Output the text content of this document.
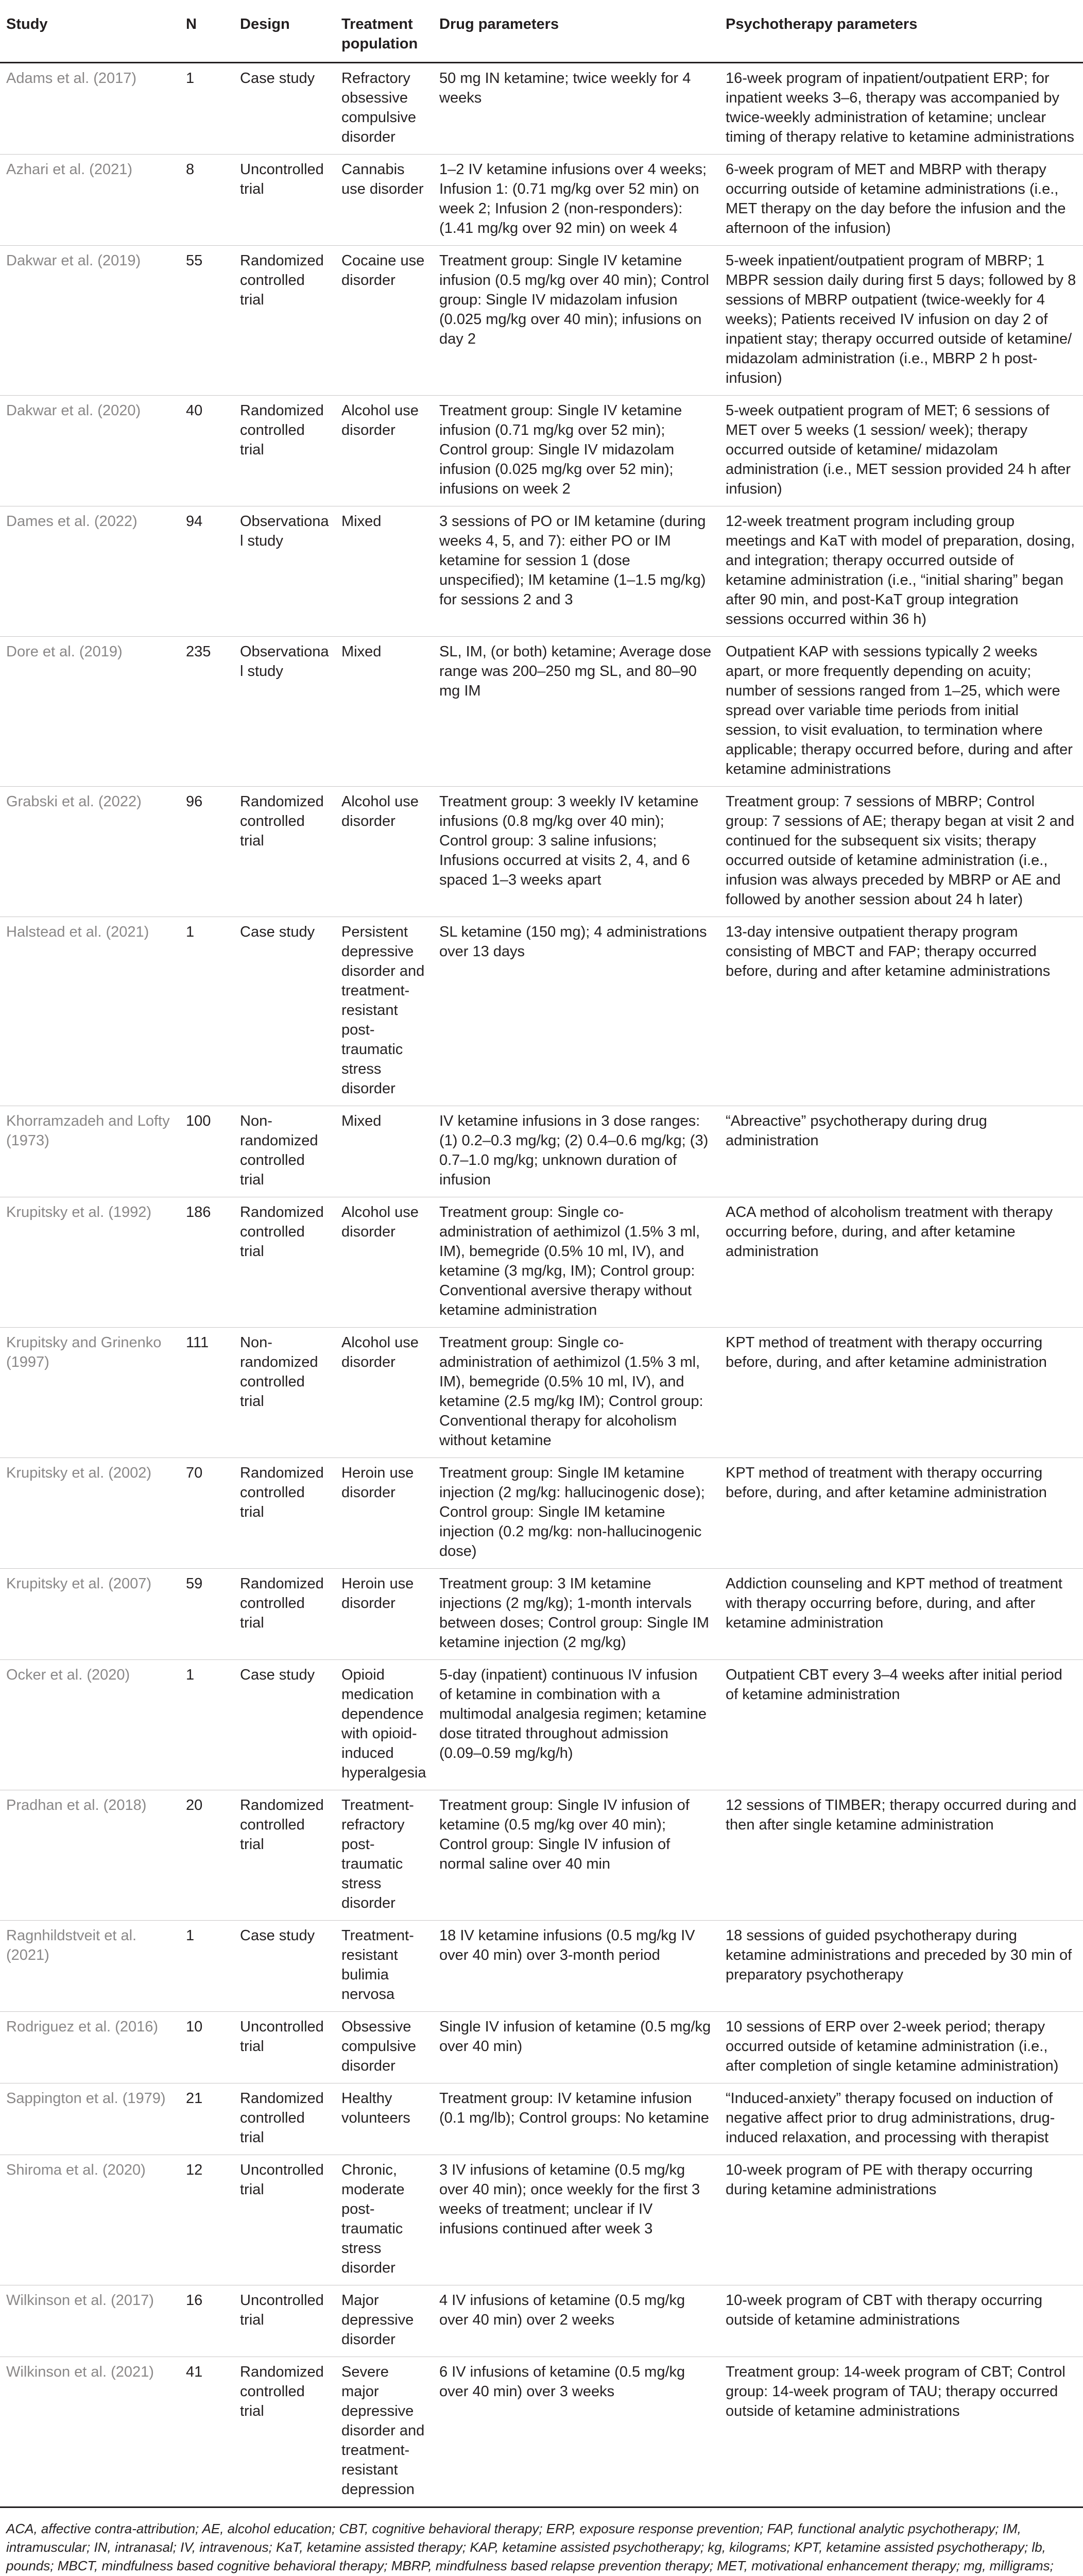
Study	N	Design	Treatment population	Drug parameters	Psychotherapy parameters
Adams et al. (2017)	1	Case study	Refractory obsessive compulsive disorder	50 mg IN ketamine; twice weekly for 4 weeks	16-week program of inpatient/outpatient ERP; for inpatient weeks 3–6, therapy was accompanied by twice-weekly administration of ketamine; unclear timing of therapy relative to ketamine administrations
Azhari et al. (2021)	8	Uncontrolled trial	Cannabis use disorder	1–2 IV ketamine infusions over 4 weeks; Infusion 1: (0.71 mg/kg over 52 min) on week 2; Infusion 2 (non-responders): (1.41 mg/kg over 92 min) on week 4	6-week program of MET and MBRP with therapy occurring outside of ketamine administrations (i.e., MET therapy on the day before the infusion and the afternoon of the infusion)
Dakwar et al. (2019)	55	Randomized controlled trial	Cocaine use disorder	Treatment group: Single IV ketamine infusion (0.5 mg/kg over 40 min); Control group: Single IV midazolam infusion (0.025 mg/kg over 40 min); infusions on day 2	5-week inpatient/outpatient program of MBRP; 1 MBPR session daily during first 5 days; followed by 8 sessions of MBRP outpatient (twice-weekly for 4 weeks); Patients received IV infusion on day 2 of inpatient stay; therapy occurred outside of ketamine/ midazolam administration (i.e., MBRP 2 h post-infusion)
Dakwar et al. (2020)	40	Randomized controlled trial	Alcohol use disorder	Treatment group: Single IV ketamine infusion (0.71 mg/kg over 52 min); Control group: Single IV midazolam infusion (0.025 mg/kg over 52 min); infusions on week 2	5-week outpatient program of MET; 6 sessions of MET over 5 weeks (1 session/ week); therapy occurred outside of ketamine/ midazolam administration (i.e., MET session provided 24 h after infusion)
Dames et al. (2022)	94	Observational study	Mixed	3 sessions of PO or IM ketamine (during weeks 4, 5, and 7): either PO or IM ketamine for session 1 (dose unspecified); IM ketamine (1–1.5 mg/kg) for sessions 2 and 3	12-week treatment program including group meetings and KaT with model of preparation, dosing, and integration; therapy occurred outside of ketamine administration (i.e., “initial sharing” began after 90 min, and post-KaT group integration sessions occurred within 36 h)
Dore et al. (2019)	235	Observational study	Mixed	SL, IM, (or both) ketamine; Average dose range was 200–250 mg SL, and 80–90 mg IM	Outpatient KAP with sessions typically 2 weeks apart, or more frequently depending on acuity; number of sessions ranged from 1–25, which were spread over variable time periods from initial session, to visit evaluation, to termination where applicable; therapy occurred before, during and after ketamine administrations
Grabski et al. (2022)	96	Randomized controlled trial	Alcohol use disorder	Treatment group: 3 weekly IV ketamine infusions (0.8 mg/kg over 40 min); Control group: 3 saline infusions; Infusions occurred at visits 2, 4, and 6 spaced 1–3 weeks apart	Treatment group: 7 sessions of MBRP; Control group: 7 sessions of AE; therapy began at visit 2 and continued for the subsequent six visits; therapy occurred outside of ketamine administration (i.e., infusion was always preceded by MBRP or AE and followed by another session about 24 h later)
Halstead et al. (2021)	1	Case study	Persistent depressive disorder and treatment-resistant post-traumatic stress disorder	SL ketamine (150 mg); 4 administrations over 13 days	13-day intensive outpatient therapy program consisting of MBCT and FAP; therapy occurred before, during and after ketamine administrations
Khorramzadeh and Lofty (1973)	100	Non-randomized controlled trial	Mixed	IV ketamine infusions in 3 dose ranges: (1) 0.2–0.3 mg/kg; (2) 0.4–0.6 mg/kg; (3) 0.7–1.0 mg/kg; unknown duration of infusion	“Abreactive” psychotherapy during drug administration
Krupitsky et al. (1992)	186	Randomized controlled trial	Alcohol use disorder	Treatment group: Single co-administration of aethimizol (1.5% 3 ml, IM), bemegride (0.5% 10 ml, IV), and ketamine (3 mg/kg, IM); Control group: Conventional aversive therapy without ketamine administration	ACA method of alcoholism treatment with therapy occurring before, during, and after ketamine administration
Krupitsky and Grinenko (1997)	111	Non-randomized controlled trial	Alcohol use disorder	Treatment group: Single co-administration of aethimizol (1.5% 3 ml, IM), bemegride (0.5% 10 ml, IV), and ketamine (2.5 mg/kg IM); Control group: Conventional therapy for alcoholism without ketamine	KPT method of treatment with therapy occurring before, during, and after ketamine administration
Krupitsky et al. (2002)	70	Randomized controlled trial	Heroin use disorder	Treatment group: Single IM ketamine injection (2 mg/kg: hallucinogenic dose); Control group: Single IM ketamine injection (0.2 mg/kg: non-hallucinogenic dose)	KPT method of treatment with therapy occurring before, during, and after ketamine administration
Krupitsky et al. (2007)	59	Randomized controlled trial	Heroin use disorder	Treatment group: 3 IM ketamine injections (2 mg/kg); 1-month intervals between doses; Control group: Single IM ketamine injection (2 mg/kg)	Addiction counseling and KPT method of treatment with therapy occurring before, during, and after ketamine administration
Ocker et al. (2020)	1	Case study	Opioid medication dependence with opioid-induced hyperalgesia	5-day (inpatient) continuous IV infusion of ketamine in combination with a multimodal analgesia regimen; ketamine dose titrated throughout admission (0.09–0.59 mg/kg/h)	Outpatient CBT every 3–4 weeks after initial period of ketamine administration
Pradhan et al. (2018)	20	Randomized controlled trial	Treatment-refractory post-traumatic stress disorder	Treatment group: Single IV infusion of ketamine (0.5 mg/kg over 40 min); Control group: Single IV infusion of normal saline over 40 min	12 sessions of TIMBER; therapy occurred during and then after single ketamine administration
Ragnhildstveit et al. (2021)	1	Case study	Treatment-resistant bulimia nervosa	18 IV ketamine infusions (0.5 mg/kg IV over 40 min) over 3-month period	18 sessions of guided psychotherapy during ketamine administrations and preceded by 30 min of preparatory psychotherapy
Rodriguez et al. (2016)	10	Uncontrolled trial	Obsessive compulsive disorder	Single IV infusion of ketamine (0.5 mg/kg over 40 min)	10 sessions of ERP over 2-week period; therapy occurred outside of ketamine administration (i.e., after completion of single ketamine administration)
Sappington et al. (1979)	21	Randomized controlled trial	Healthy volunteers	Treatment group: IV ketamine infusion (0.1 mg/lb); Control groups: No ketamine	“Induced-anxiety” therapy focused on induction of negative affect prior to drug administrations, drug-induced relaxation, and processing with therapist
Shiroma et al. (2020)	12	Uncontrolled trial	Chronic, moderate post-traumatic stress disorder	3 IV infusions of ketamine (0.5 mg/kg over 40 min); once weekly for the first 3 weeks of treatment; unclear if IV infusions continued after week 3	10-week program of PE with therapy occurring during ketamine administrations
Wilkinson et al. (2017)	16	Uncontrolled trial	Major depressive disorder	4 IV infusions of ketamine (0.5 mg/kg over 40 min) over 2 weeks	10-week program of CBT with therapy occurring outside of ketamine administrations
Wilkinson et al. (2021)	41	Randomized controlled trial	Severe major depressive disorder and treatment-resistant depression	6 IV infusions of ketamine (0.5 mg/kg over 40 min) over 3 weeks	Treatment group: 14-week program of CBT; Control group: 14-week program of TAU; therapy occurred outside of ketamine administrations
ACA, affective contra-attribution; AE, alcohol education; CBT, cognitive behavioral therapy; ERP, exposure response prevention; FAP, functional analytic psychotherapy; IM, intramuscular; IN, intranasal; IV, intravenous; KaT, ketamine assisted therapy; KAP, ketamine assisted psychotherapy; kg, kilograms; KPT, ketamine assisted psychotherapy; lb, pounds; MBCT, mindfulness based cognitive behavioral therapy; MBRP, mindfulness based relapse prevention therapy; MET, motivational enhancement therapy; mg, milligrams;
